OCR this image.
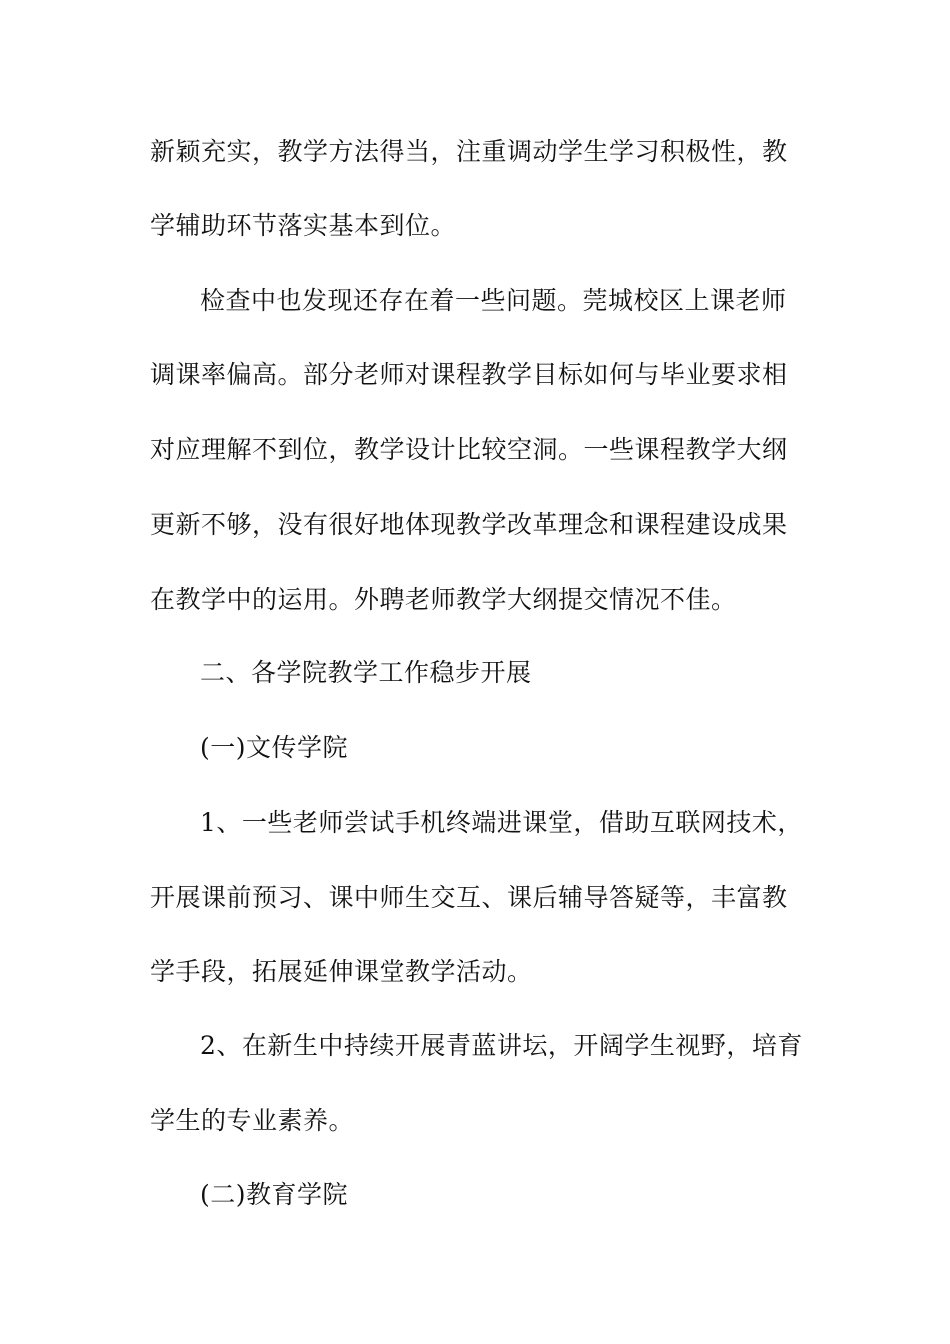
新颖充实，教学方法得当，注重调动学生学习积极性，教
学辅助环节落实基本到位。
检查中也发现还存在着一些问题。莞城校区上课老师
调课率偏高。部分老师对课程教学目标如何与毕业要求相
对应理解不到位，教学设计比较空洞。一些课程教学大纲
更新不够，没有很好地体现教学改革理念和课程建设成果
在教学中的运用。外聘老师教学大纲提交情况不佳。
二、各学院教学工作稳步开展
(一)文传学院
1、一些老师尝试手机终端进课堂，借助互联网技术，
开展课前预习、课中师生交互、课后辅导答疑等，丰富教
学手段，拓展延伸课堂教学活动。
2、在新生中持续开展青蓝讲坛，开阔学生视野，培育
学生的专业素养。
(二)教育学院
